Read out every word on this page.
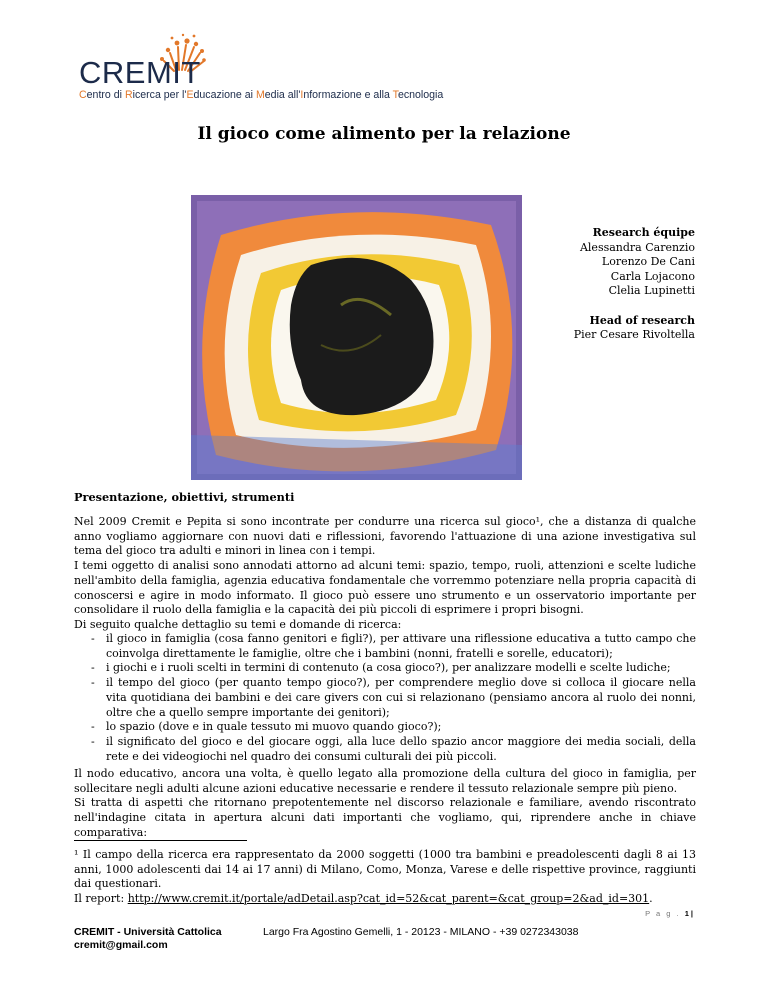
CREMIT
Centro di Ricerca per l'Educazione ai Media all'Informazione e alla Tecnologia
Il gioco come alimento per la relazione
Research équipe
Alessandra Carenzio
Lorenzo De Cani
Carla Lojacono
Clelia Lupinetti
Head of research
Pier Cesare Rivoltella
Presentazione, obiettivi, strumenti
Nel 2009 Cremit e Pepita si sono incontrate per condurre una ricerca sul gioco¹, che a distanza di qualche anno vogliamo aggiornare con nuovi dati e riflessioni, favorendo l'attuazione di una azione investigativa sul tema del gioco tra adulti e minori in linea con i tempi.
I temi oggetto di analisi sono annodati attorno ad alcuni temi: spazio, tempo, ruoli, attenzioni e scelte ludiche nell'ambito della famiglia, agenzia educativa fondamentale che vorremmo potenziare nella propria capacità di conoscersi e agire in modo informato. Il gioco può essere uno strumento e un osservatorio importante per consolidare il ruolo della famiglia e la capacità dei più piccoli di esprimere i propri bisogni.
Di seguito qualche dettaglio su temi e domande di ricerca:
- il gioco in famiglia (cosa fanno genitori e figli?), per attivare una riflessione educativa a tutto campo che coinvolga direttamente le famiglie, oltre che i bambini (nonni, fratelli e sorelle, educatori);
- i giochi e i ruoli scelti in termini di contenuto (a cosa gioco?), per analizzare modelli e scelte ludiche;
- il tempo del gioco (per quanto tempo gioco?), per comprendere meglio dove si colloca il giocare nella vita quotidiana dei bambini e dei care givers con cui si relazionano (pensiamo ancora al ruolo dei nonni, oltre che a quello sempre importante dei genitori);
- lo spazio (dove e in quale tessuto mi muovo quando gioco?);
- il significato del gioco e del giocare oggi, alla luce dello spazio ancor maggiore dei media sociali, della rete e dei videogiochi nel quadro dei consumi culturali dei più piccoli.
Il nodo educativo, ancora una volta, è quello legato alla promozione della cultura del gioco in famiglia, per sollecitare negli adulti alcune azioni educative necessarie e rendere il tessuto relazionale sempre più pieno.
Si tratta di aspetti che ritornano prepotentemente nel discorso relazionale e familiare, avendo riscontrato nell'indagine citata in apertura alcuni dati importanti che vogliamo, qui, riprendere anche in chiave comparativa:
¹ Il campo della ricerca era rappresentato da 2000 soggetti (1000 tra bambini e preadolescenti dagli 8 ai 13 anni, 1000 adolescenti dai 14 ai 17 anni) di Milano, Como, Monza, Varese e delle rispettive province, raggiunti dai questionari.
Il report: http://www.cremit.it/portale/adDetail.asp?cat_id=52&cat_parent=&cat_group=2&ad_id=301.
P a g . 1|
CREMIT - Università Cattolica
cremit@gmail.com
Largo Fra Agostino Gemelli, 1 - 20123 - MILANO - +39 0272343038
